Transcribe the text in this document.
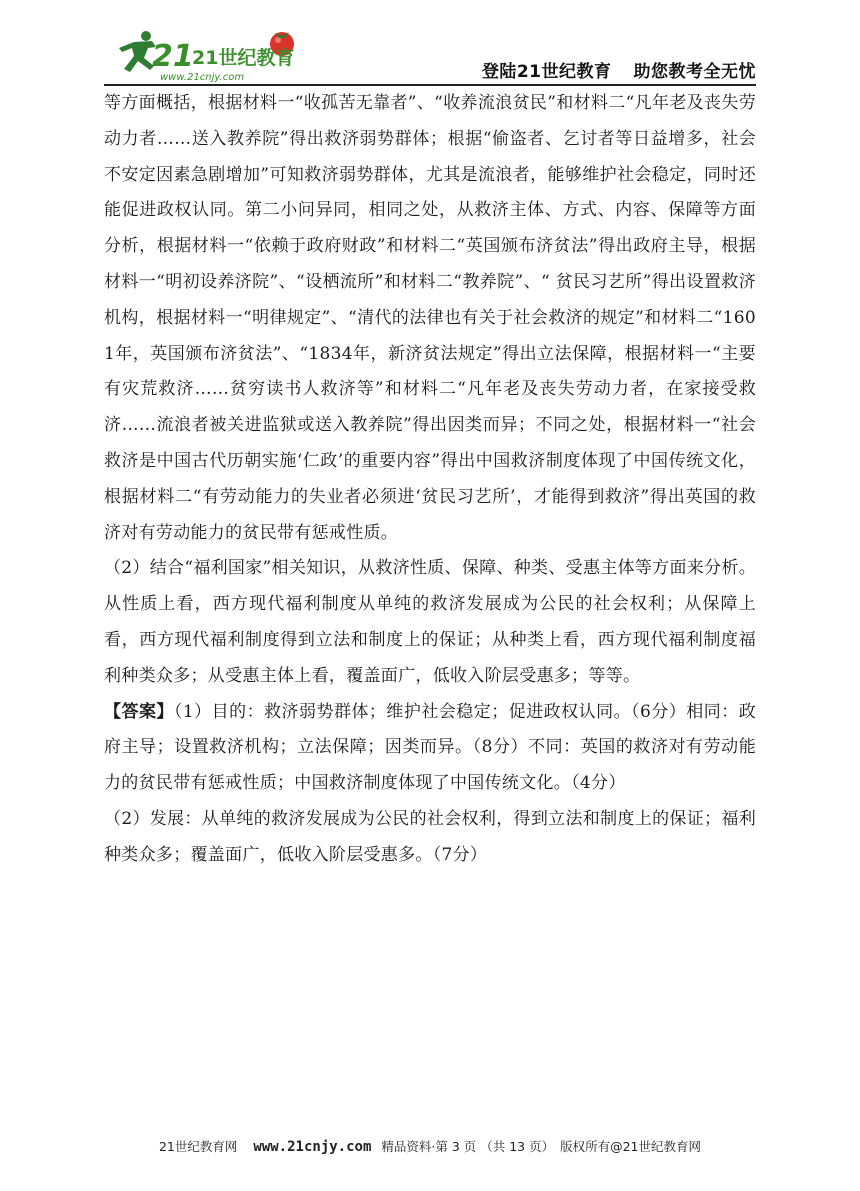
21
21世纪教育
www.21cnjy.com	登陆21世纪教育 助您教考全无忧

等方面概括，根据材料一“收孤苦无靠者”、“收养流浪贫民”和材料二“凡年老及丧失劳动力者……送入教养院”得出救济弱势群体；根据“偷盗者、乞讨者等日益增多，社会不安定因素急剧增加”可知救济弱势群体，尤其是流浪者，能够维护社会稳定，同时还能促进政权认同。第二小问异同，相同之处，从救济主体、方式、内容、保障等方面分析，根据材料一“依赖于政府财政”和材料二“英国颁布济贫法”得出政府主导，根据材料一“明初设养济院”、“设栖流所”和材料二“教养院”、“ 贫民习艺所”得出设置救济机构，根据材料一“明律规定”、“清代的法律也有关于社会救济的规定”和材料二“1601年，英国颁布济贫法”、“1834年，新济贫法规定”得出立法保障，根据材料一“主要有灾荒救济……贫穷读书人救济等”和材料二“凡年老及丧失劳动力者，在家接受救济……流浪者被关进监狱或送入教养院”得出因类而异；不同之处，根据材料一“社会救济是中国古代历朝实施‘仁政’的重要内容”得出中国救济制度体现了中国传统文化，根据材料二“有劳动能力的失业者必须进‘贫民习艺所’，才能得到救济”得出英国的救济对有劳动能力的贫民带有惩戒性质。

（2）结合“福利国家”相关知识，从救济性质、保障、种类、受惠主体等方面来分析。从性质上看，西方现代福利制度从单纯的救济发展成为公民的社会权利；从保障上看，西方现代福利制度得到立法和制度上的保证；从种类上看，西方现代福利制度福利种类众多；从受惠主体上看，覆盖面广，低收入阶层受惠多；等等。

【答案】（1）目的：救济弱势群体；维护社会稳定；促进政权认同。（6分）相同：政府主导；设置救济机构；立法保障；因类而异。（8分）不同：英国的救济对有劳动能力的贫民带有惩戒性质；中国救济制度体现了中国传统文化。（4分）

（2）发展：从单纯的救济发展成为公民的社会权利，得到立法和制度上的保证；福利种类众多；覆盖面广，低收入阶层受惠多。（7分）

21世纪教育网 www.21cnjy.com 精品资料·第 3 页 （共 13 页） 版权所有@21世纪教育网
